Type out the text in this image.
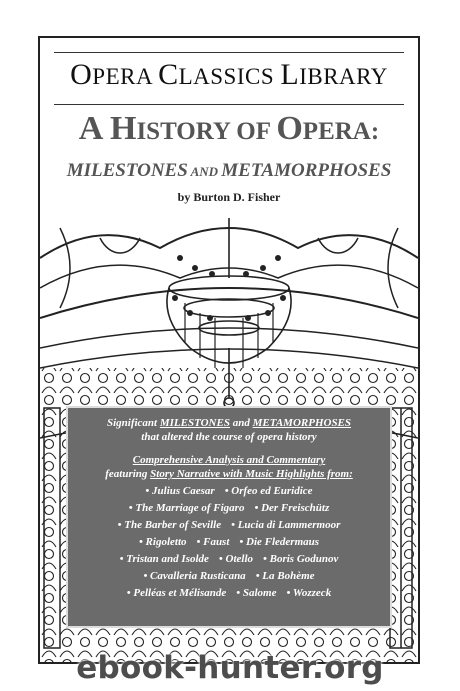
OPERA CLASSICS LIBRARY
A HISTORY OF OPERA:
MILESTONES AND METAMORPHOSES
by Burton D. Fisher
Significant MILESTONES and METAMORPHOSES
that altered the course of opera history
Comprehensive Analysis and Commentary
featuring Story Narrative with Music Highlights from:
• Julius Caesar • Orfeo ed Euridice
• The Marriage of Figaro • Der Freischütz
• The Barber of Seville • Lucia di Lammermoor
• Rigoletto • Faust • Die Fledermaus
• Tristan and Isolde • Otello • Boris Godunov
• Cavalleria Rusticana • La Bohème
• Pelléas et Mélisande • Salome • Wozzeck
ebook-hunter.org
